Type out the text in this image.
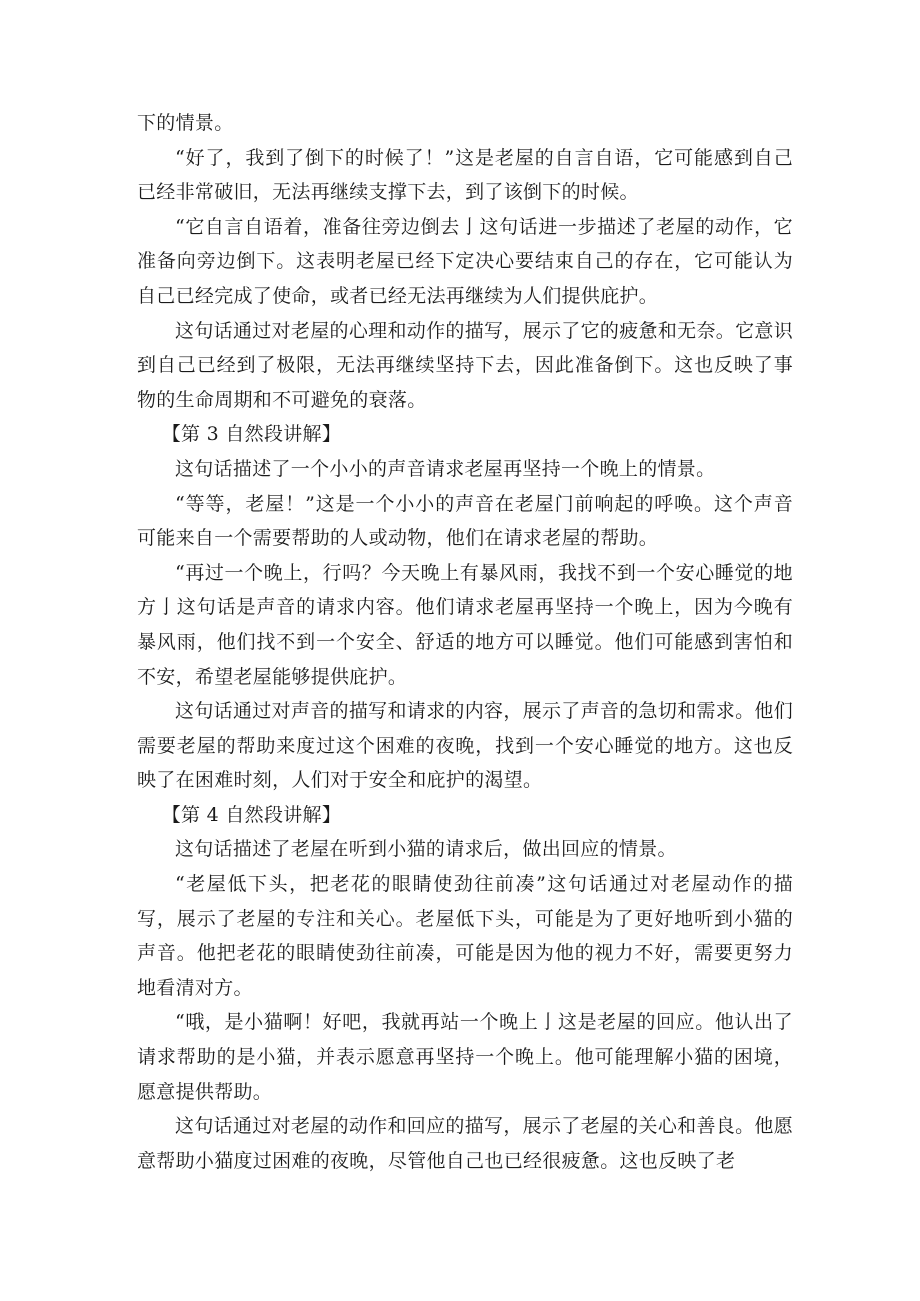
下的情景。

“好了，我到了倒下的时候了！”这是老屋的自言自语，它可能感到自己已经非常破旧，无法再继续支撑下去，到了该倒下的时候。

“它自言自语着，准备往旁边倒去亅这句话进一步描述了老屋的动作，它准备向旁边倒下。这表明老屋已经下定决心要结束自己的存在，它可能认为自己已经完成了使命，或者已经无法再继续为人们提供庇护。

这句话通过对老屋的心理和动作的描写，展示了它的疲惫和无奈。它意识到自己已经到了极限，无法再继续坚持下去，因此准备倒下。这也反映了事物的生命周期和不可避免的衰落。

【第 3 自然段讲解】

这句话描述了一个小小的声音请求老屋再坚持一个晚上的情景。

“等等，老屋！”这是一个小小的声音在老屋门前响起的呼唤。这个声音可能来自一个需要帮助的人或动物，他们在请求老屋的帮助。

“再过一个晚上，行吗？今天晚上有暴风雨，我找不到一个安心睡觉的地方亅这句话是声音的请求内容。他们请求老屋再坚持一个晚上，因为今晚有暴风雨，他们找不到一个安全、舒适的地方可以睡觉。他们可能感到害怕和不安，希望老屋能够提供庇护。

这句话通过对声音的描写和请求的内容，展示了声音的急切和需求。他们需要老屋的帮助来度过这个困难的夜晚，找到一个安心睡觉的地方。这也反映了在困难时刻，人们对于安全和庇护的渴望。

【第 4 自然段讲解】

这句话描述了老屋在听到小猫的请求后，做出回应的情景。

“老屋低下头，把老花的眼睛使劲往前凑”这句话通过对老屋动作的描写，展示了老屋的专注和关心。老屋低下头，可能是为了更好地听到小猫的声音。他把老花的眼睛使劲往前凑，可能是因为他的视力不好，需要更努力地看清对方。

“哦，是小猫啊！好吧，我就再站一个晚上亅这是老屋的回应。他认出了请求帮助的是小猫，并表示愿意再坚持一个晚上。他可能理解小猫的困境，愿意提供帮助。

这句话通过对老屋的动作和回应的描写，展示了老屋的关心和善良。他愿意帮助小猫度过困难的夜晚，尽管他自己也已经很疲惫。这也反映了老
